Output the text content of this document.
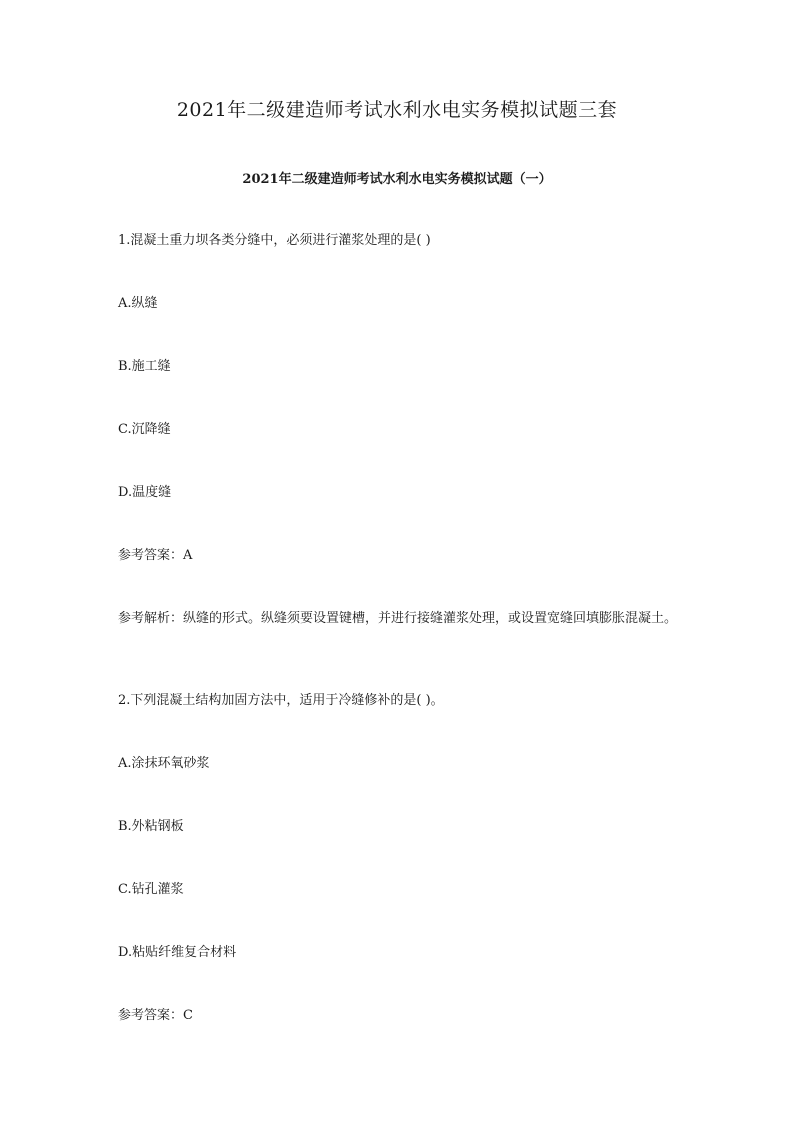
2021年二级建造师考试水利水电实务模拟试题三套
2021年二级建造师考试水利水电实务模拟试题（一）

1.混凝土重力坝各类分缝中，必须进行灌浆处理的是( )

A.纵缝

B.施工缝

C.沉降缝

D.温度缝

参考答案：A

参考解析：纵缝的形式。纵缝须要设置键槽，并进行接缝灌浆处理，或设置宽缝回填膨胀混凝土。

2.下列混凝土结构加固方法中，适用于冷缝修补的是( )。

A.涂抹环氧砂浆

B.外粘钢板

C.钻孔灌浆

D.粘贴纤维复合材料

参考答案：C
